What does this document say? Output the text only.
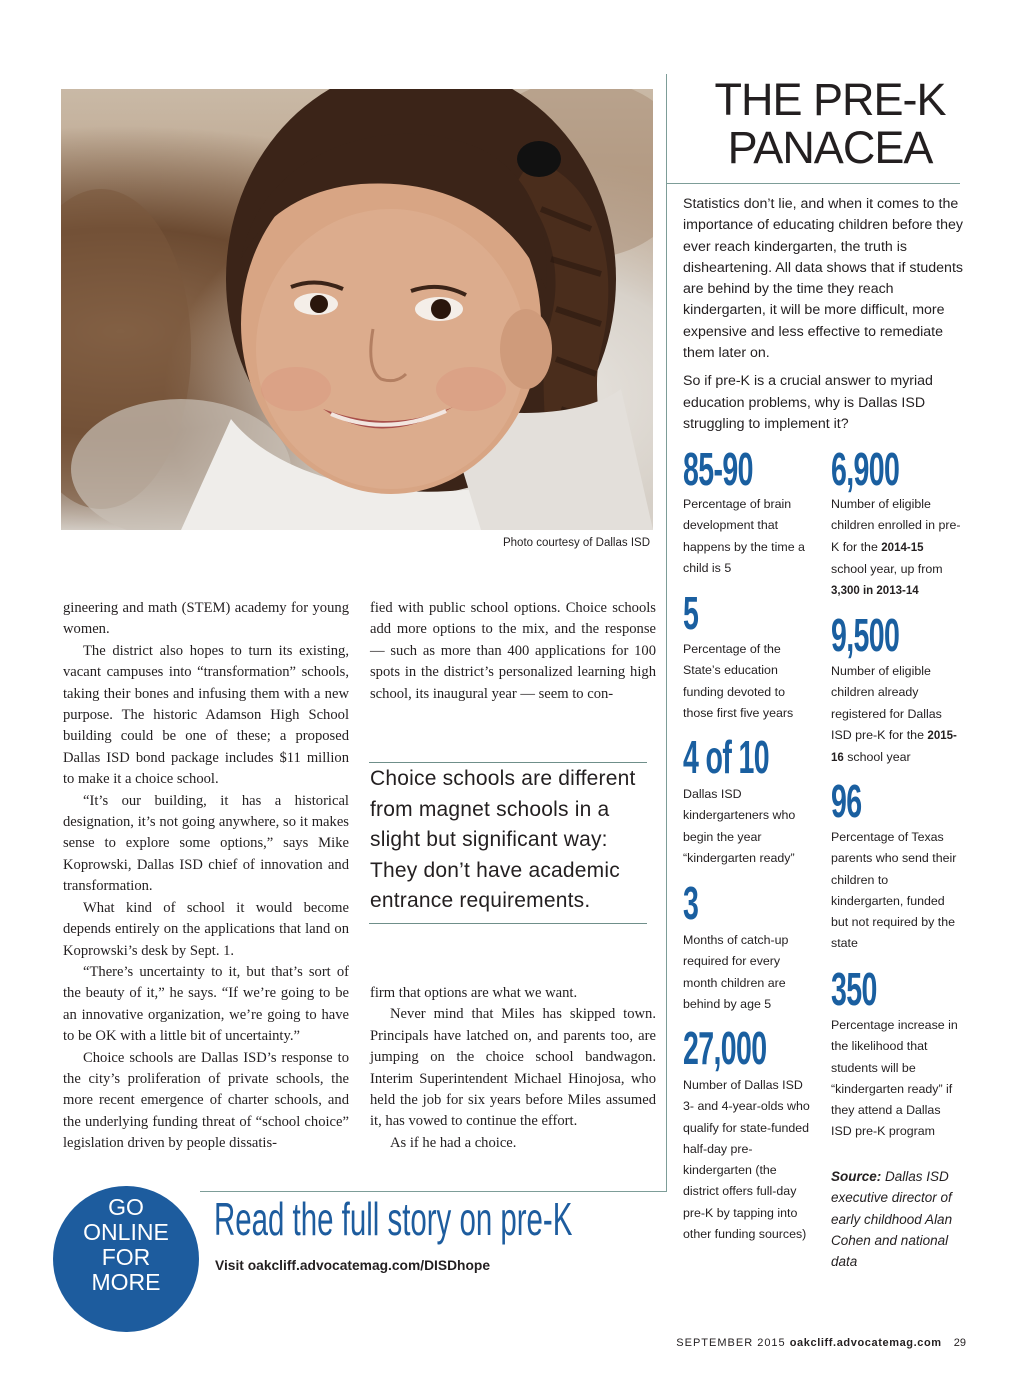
Photo courtesy of Dallas ISD

gineering and math (STEM) academy for young women.

The district also hopes to turn its existing, vacant campuses into “transformation” schools, taking their bones and infusing them with a new purpose. The historic Adamson High School building could be one of these; a proposed Dallas ISD bond package includes $11 million to make it a choice school.

“It’s our building, it has a historical designation, it’s not going anywhere, so it makes sense to explore some options,” says Mike Koprowski, Dallas ISD chief of innovation and transformation.

What kind of school it would become depends entirely on the applications that land on Koprowski’s desk by Sept. 1.

“There’s uncertainty to it, but that’s sort of the beauty of it,” he says. “If we’re going to be an innovative organization, we’re going to have to be OK with a little bit of uncertainty.”

Choice schools are Dallas ISD’s response to the city’s proliferation of private schools, the more recent emergence of charter schools, and the underlying funding threat of “school choice” legislation driven by people dissatis-

fied with public school options. Choice schools add more options to the mix, and the response — such as more than 400 applications for 100 spots in the district’s personalized learning high school, its inaugural year — seem to con-

Choice schools are different from magnet schools in a slight but significant way: They don’t have academic entrance requirements.

firm that options are what we want.

Never mind that Miles has skipped town. Principals have latched on, and parents too, are jumping on the choice school bandwagon. Interim Superintendent Michael Hinojosa, who held the job for six years before Miles assumed it, has vowed to continue the effort.

As if he had a choice.

THE PRE-K
PANACEA

Statistics don’t lie, and when it comes to the importance of educating children before they ever reach kindergarten, the truth is disheartening. All data shows that if students are behind by the time they reach kindergarten, it will be more difficult, more expensive and less effective to remediate them later on.

So if pre-K is a crucial answer to myriad education problems, why is Dallas ISD struggling to implement it?

85-90
Percentage of brain development that happens by the time a child is 5
5
Percentage of the State’s education funding devoted to those first five years
4 of 10
Dallas ISD kindergarteners who begin the year “kindergarten ready”
3
Months of catch-up required for every month children are behind by age 5
27,000
Number of Dallas ISD 3- and 4-year-olds who qualify for state-funded half-day pre-kindergarten (the district offers full-day pre-K by tapping into other funding sources)
6,900
Number of eligible children enrolled in pre-K for the 2014-15 school year, up from 3,300 in 2013-14
9,500
Number of eligible children already registered for Dallas ISD pre-K for the 2015-16 school year
96
Percentage of Texas parents who send their children to kindergarten, funded but not required by the state
350
Percentage increase in the likelihood that students will be “kindergarten ready” if they attend a Dallas ISD pre-K program
Source: Dallas ISD executive director of early childhood Alan Cohen and national data
GO
ONLINE
FOR
MORE
Read the full story on pre-K
Visit oakcliff.advocatemag.com/DISDhope
SEPTEMBER 2015 oakcliff.advocatemag.com 29
